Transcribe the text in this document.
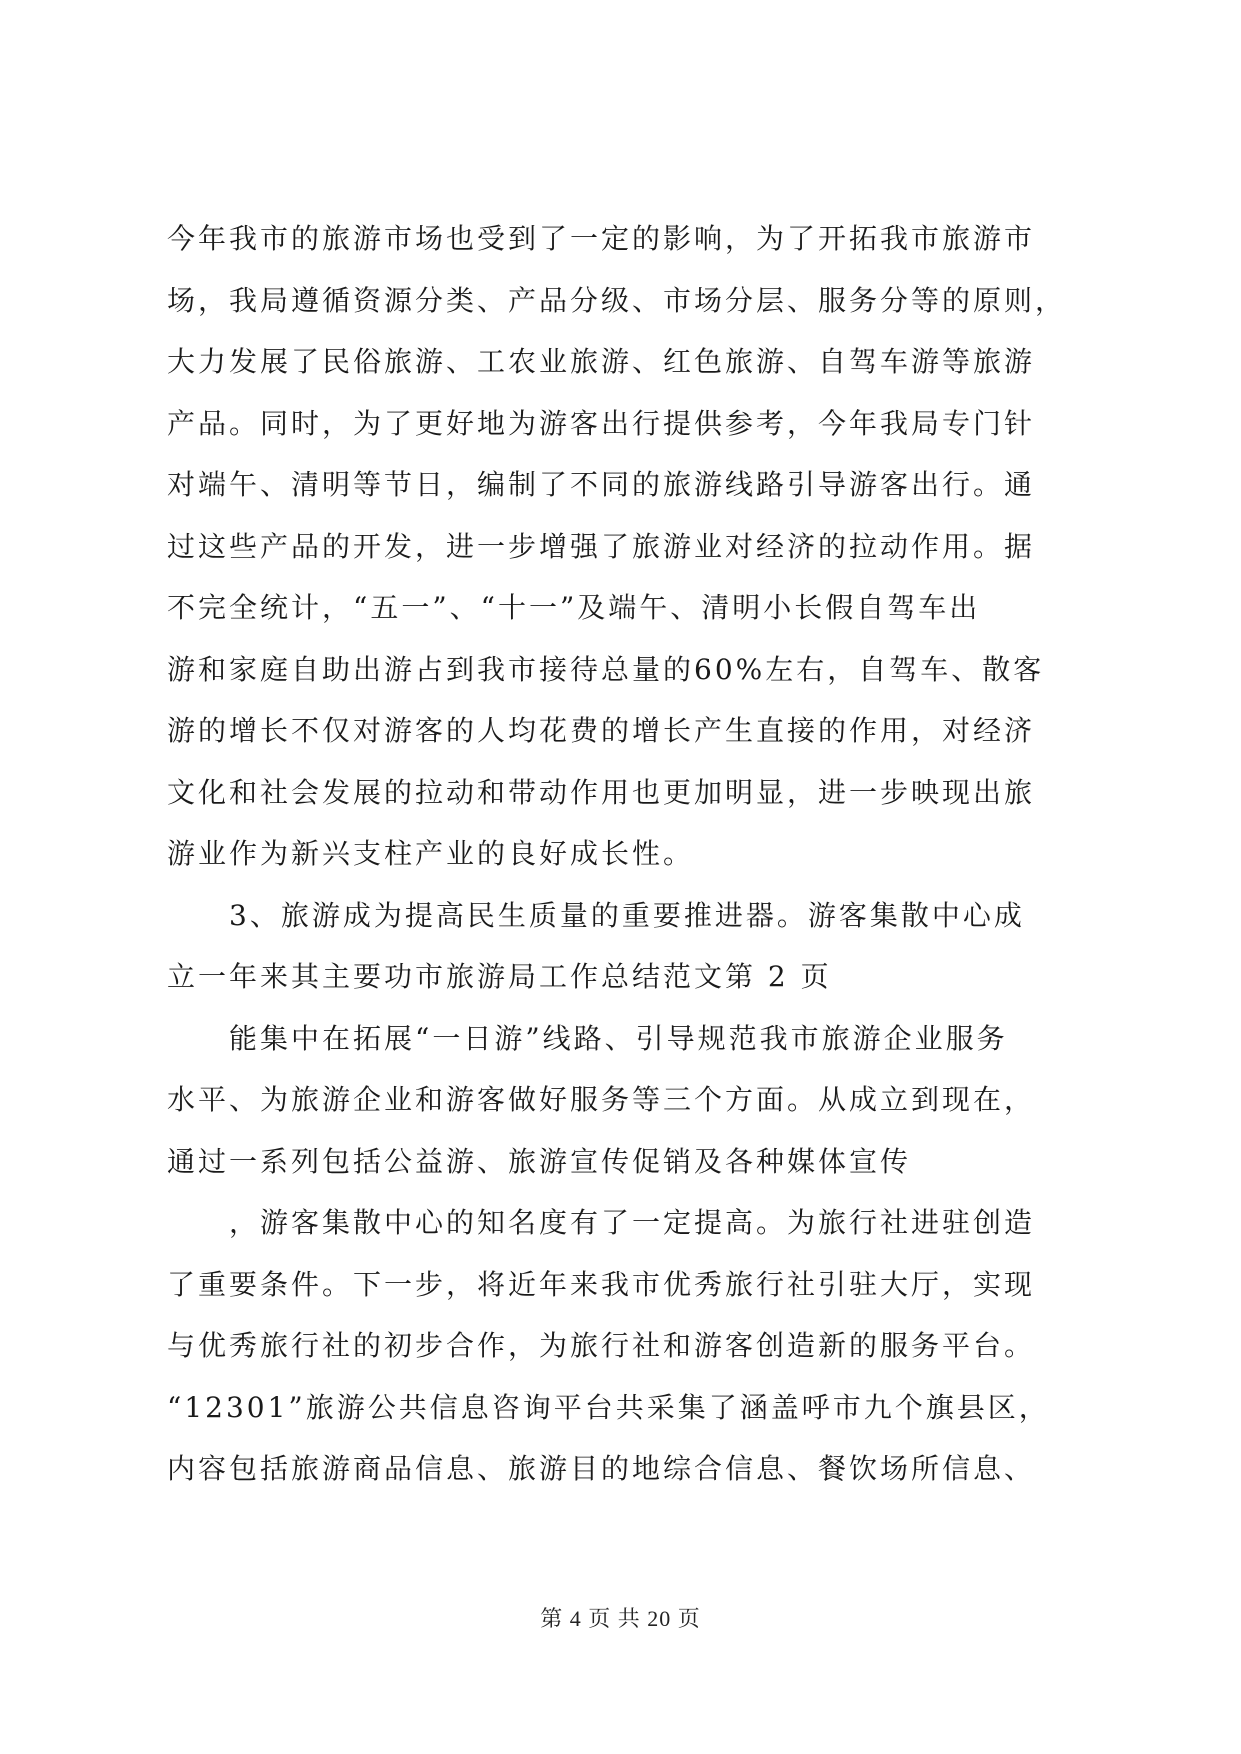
今年我市的旅游市场也受到了一定的影响，为了开拓我市旅游市
场，我局遵循资源分类、产品分级、市场分层、服务分等的原则，
大力发展了民俗旅游、工农业旅游、红色旅游、自驾车游等旅游
产品。同时，为了更好地为游客出行提供参考，今年我局专门针
对端午、清明等节日，编制了不同的旅游线路引导游客出行。通
过这些产品的开发，进一步增强了旅游业对经济的拉动作用。据
不完全统计，“五一”、“十一”及端午、清明小长假自驾车出
游和家庭自助出游占到我市接待总量的60%左右，自驾车、散客
游的增长不仅对游客的人均花费的增长产生直接的作用，对经济
文化和社会发展的拉动和带动作用也更加明显，进一步映现出旅
游业作为新兴支柱产业的良好成长性。
3、旅游成为提高民生质量的重要推进器。游客集散中心成
立一年来其主要功市旅游局工作总结范文第 2 页
能集中在拓展“一日游”线路、引导规范我市旅游企业服务
水平、为旅游企业和游客做好服务等三个方面。从成立到现在，
通过一系列包括公益游、旅游宣传促销及各种媒体宣传
，游客集散中心的知名度有了一定提高。为旅行社进驻创造
了重要条件。下一步，将近年来我市优秀旅行社引驻大厅，实现
与优秀旅行社的初步合作，为旅行社和游客创造新的服务平台。
“12301”旅游公共信息咨询平台共采集了涵盖呼市九个旗县区，
内容包括旅游商品信息、旅游目的地综合信息、餐饮场所信息、
第 4 页 共 20 页
